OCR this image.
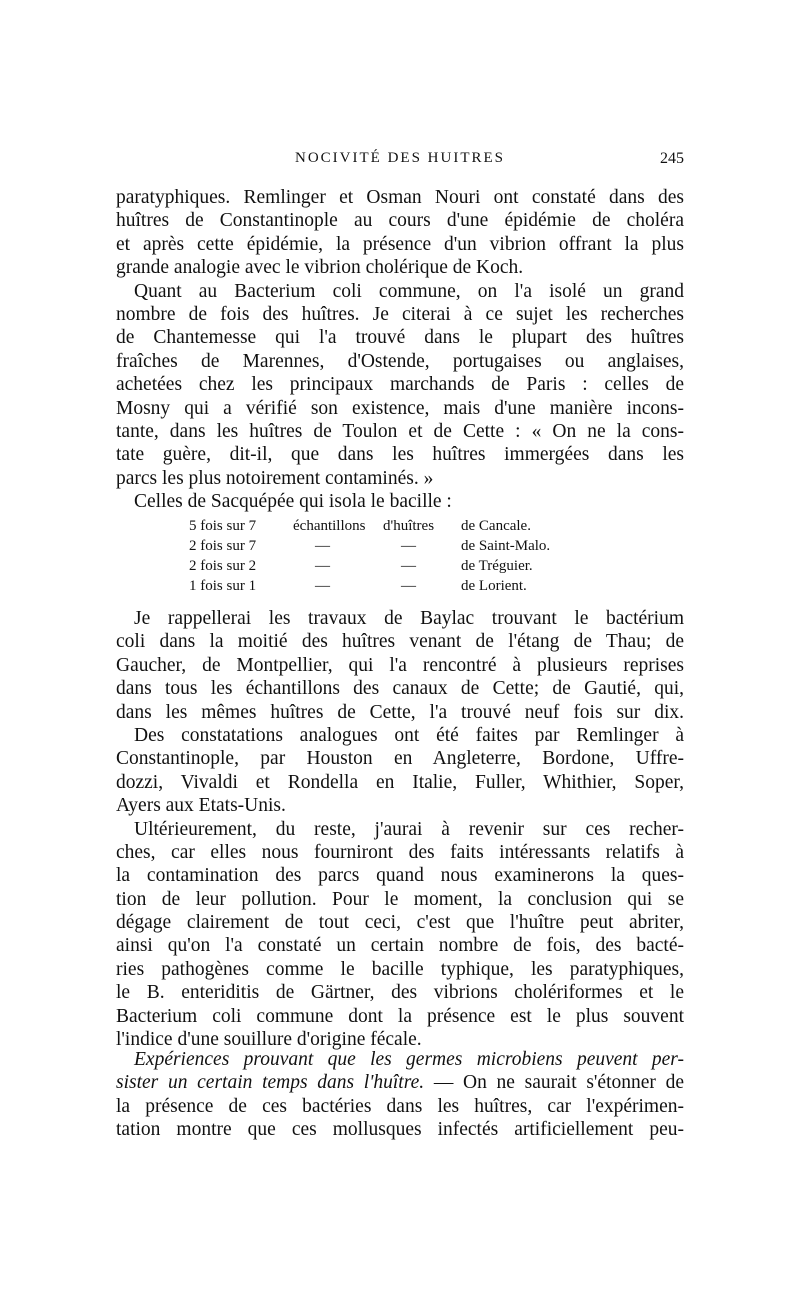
NOCIVITÉ DES HUITRES	245
paratyphiques. Remlinger et Osman Nouri ont constaté dans des
huîtres de Constantinople au cours d'une épidémie de choléra
et après cette épidémie, la présence d'un vibrion offrant la plus
grande analogie avec le vibrion cholérique de Koch.
Quant au Bacterium coli commune, on l'a isolé un grand
nombre de fois des huîtres. Je citerai à ce sujet les recherches
de Chantemesse qui l'a trouvé dans le plupart des huîtres
fraîches de Marennes, d'Ostende, portugaises ou anglaises,
achetées chez les principaux marchands de Paris : celles de
Mosny qui a vérifié son existence, mais d'une manière incons-
tante, dans les huîtres de Toulon et de Cette : « On ne la cons-
tate guère, dit-il, que dans les huîtres immergées dans les
parcs les plus notoirement contaminés. »
Celles de Sacquépée qui isola le bacille :
5 fois sur 7	échantillons	d'huîtres	de Cancale.
2 fois sur 7	—	—	de Saint-Malo.
2 fois sur 2	—	—	de Tréguier.
1 fois sur 1	—	—	de Lorient.
Je rappellerai les travaux de Baylac trouvant le bactérium
coli dans la moitié des huîtres venant de l'étang de Thau; de
Gaucher, de Montpellier, qui l'a rencontré à plusieurs reprises
dans tous les échantillons des canaux de Cette; de Gautié, qui,
dans les mêmes huîtres de Cette, l'a trouvé neuf fois sur dix.
Des constatations analogues ont été faites par Remlinger à
Constantinople, par Houston en Angleterre, Bordone, Uffre-
dozzi, Vivaldi et Rondella en Italie, Fuller, Whithier, Soper,
Ayers aux Etats-Unis.
Ultérieurement, du reste, j'aurai à revenir sur ces recher-
ches, car elles nous fourniront des faits intéressants relatifs à
la contamination des parcs quand nous examinerons la ques-
tion de leur pollution. Pour le moment, la conclusion qui se
dégage clairement de tout ceci, c'est que l'huître peut abriter,
ainsi qu'on l'a constaté un certain nombre de fois, des bacté-
ries pathogènes comme le bacille typhique, les paratyphiques,
le B. enteriditis de Gärtner, des vibrions cholériformes et le
Bacterium coli commune dont la présence est le plus souvent
l'indice d'une souillure d'origine fécale.
Expériences prouvant que les germes microbiens peuvent per-
sister un certain temps dans l'huître. — On ne saurait s'étonner de
la présence de ces bactéries dans les huîtres, car l'expérimen-
tation montre que ces mollusques infectés artificiellement peu-
